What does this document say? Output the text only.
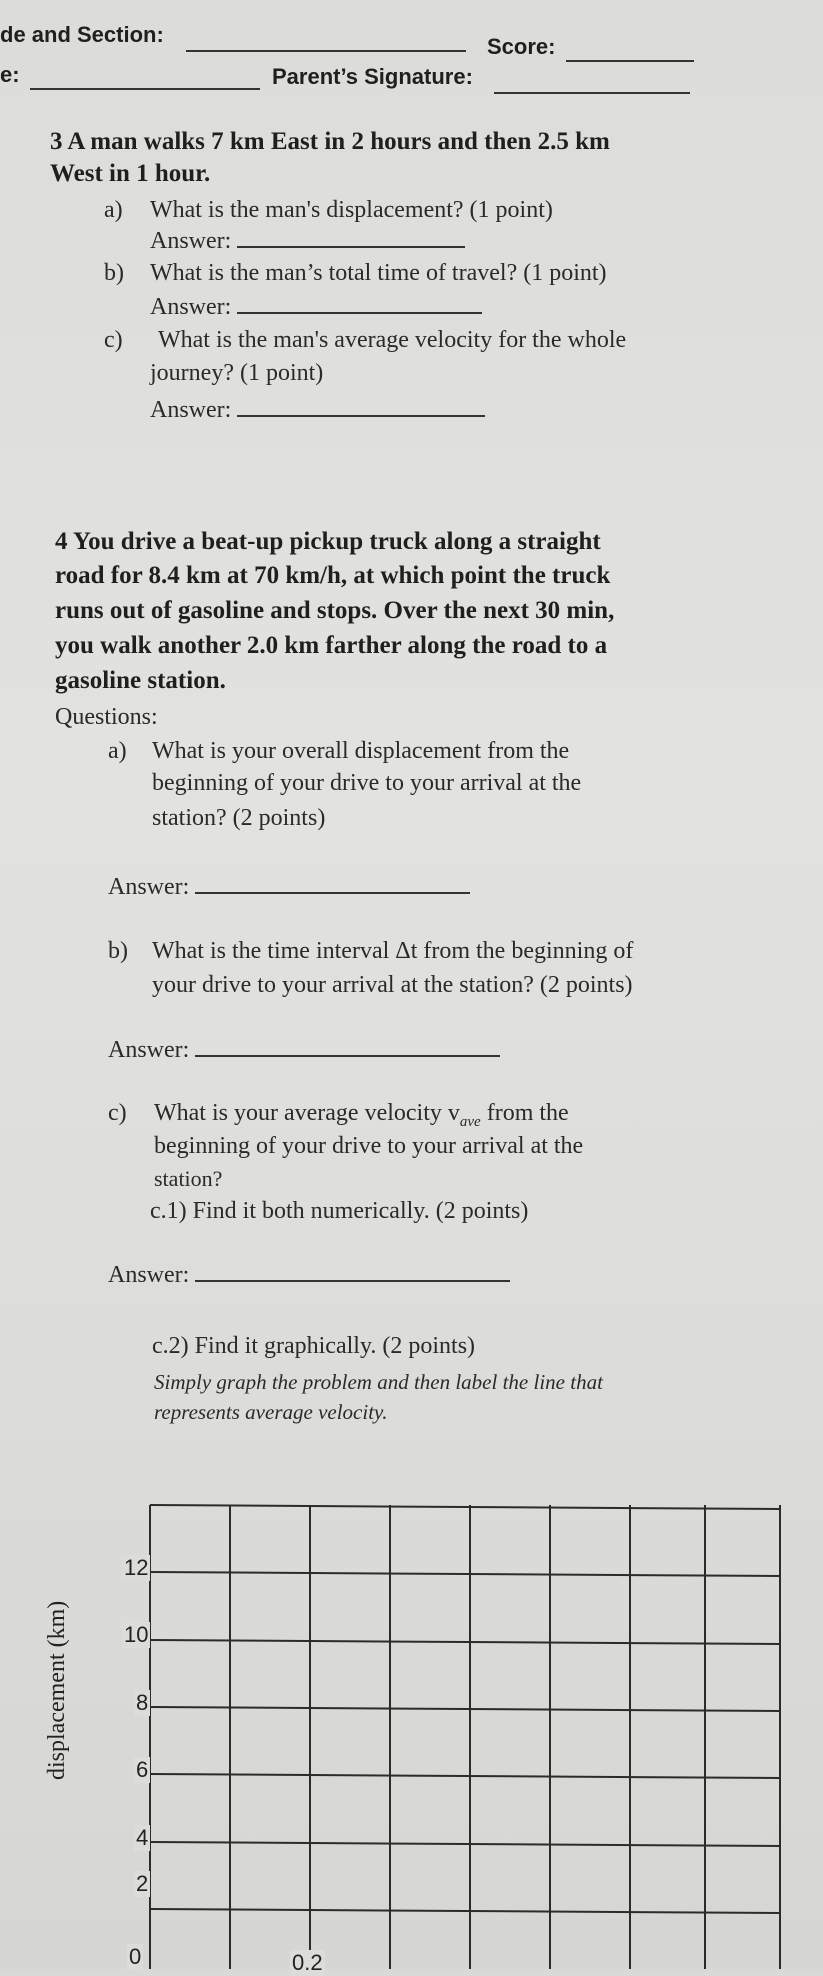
de and Section:	Score:
e:	Parent’s Signature:
3 A man walks 7 km East in 2 hours and then 2.5 km
West in 1 hour.
a) What is the man's displacement? (1 point)
Answer:
b) What is the man’s total time of travel? (1 point)
Answer:
c) What is the man's average velocity for the whole
journey? (1 point)
Answer:
4 You drive a beat-up pickup truck along a straight
road for 8.4 km at 70 km/h, at which point the truck
runs out of gasoline and stops. Over the next 30 min,
you walk another 2.0 km farther along the road to a
gasoline station.
Questions:
a) What is your overall displacement from the
beginning of your drive to your arrival at the
station? (2 points)
Answer:
b) What is the time interval Δt from the beginning of
your drive to your arrival at the station? (2 points)
Answer:
c) What is your average velocity $v_{ave}$ from the
beginning of your drive to your arrival at the
station?
c.1) Find it both numerically. (2 points)
Answer:
c.2) Find it graphically. (2 points)
Simply graph the problem and then label the line that
represents average velocity.
displacement (km)
12
10
8
6
4
2
0	0.2
